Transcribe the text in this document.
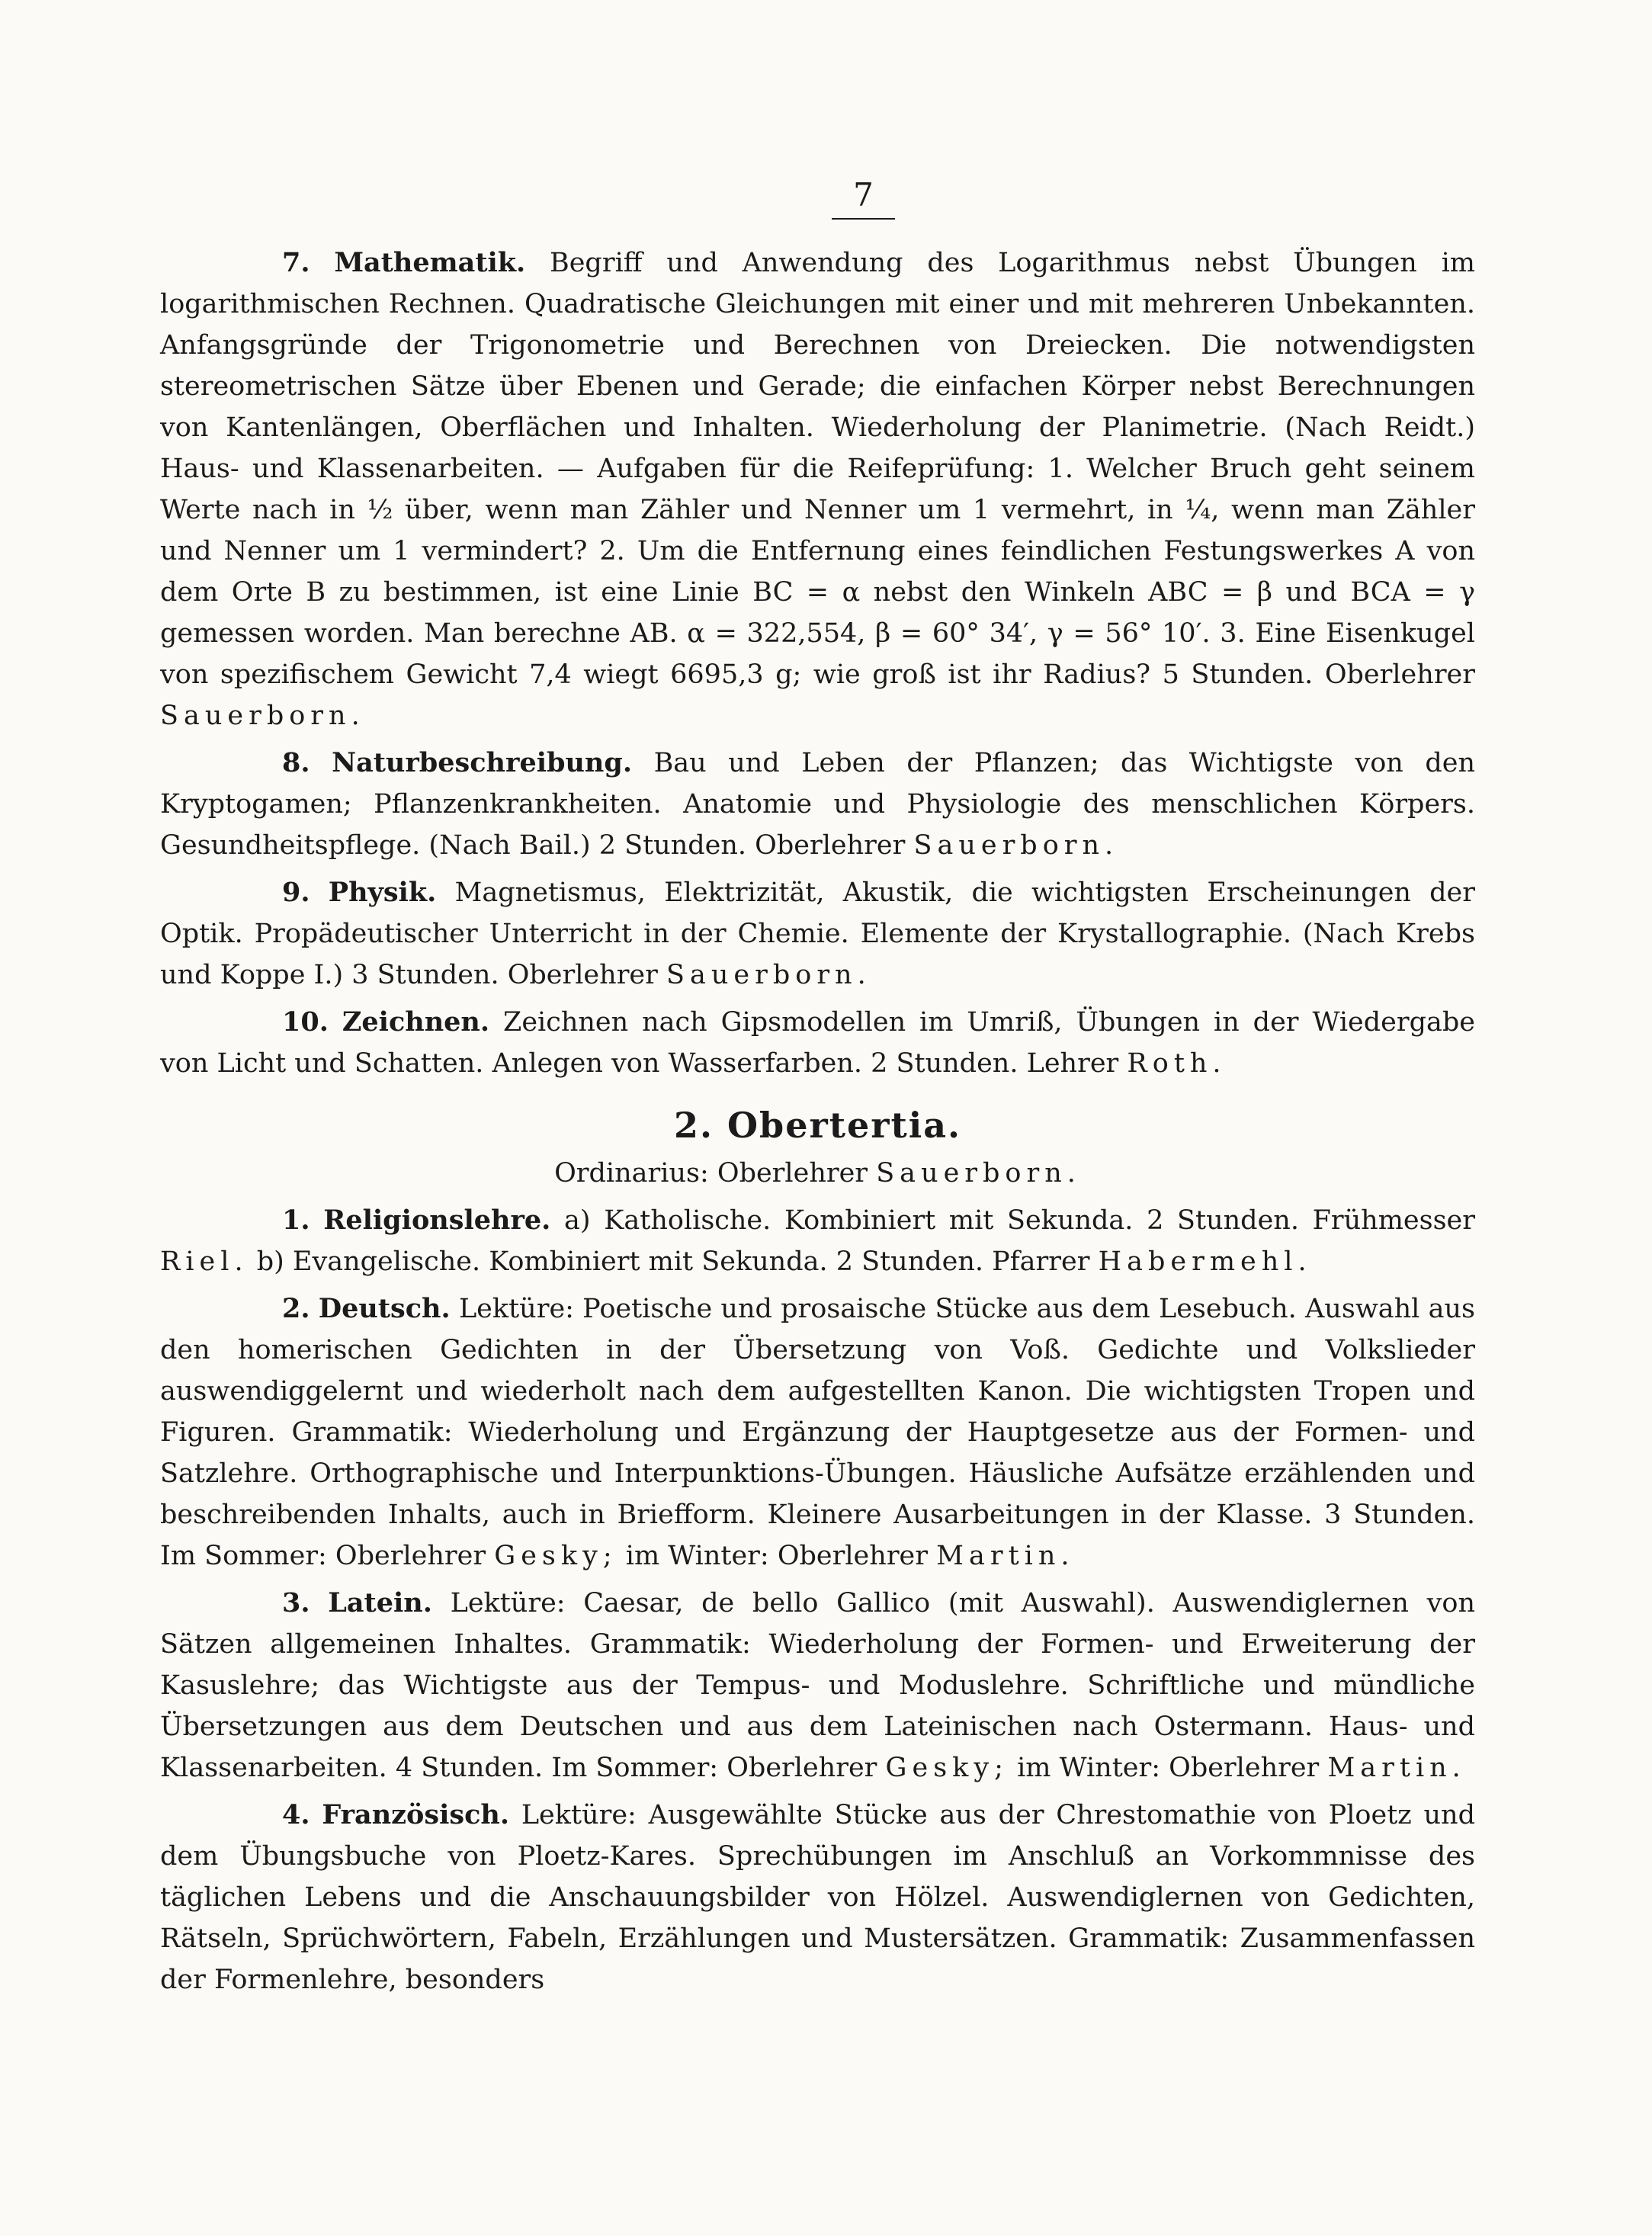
7

7. Mathematik. Begriff und Anwendung des Logarithmus nebst Übungen im logarithmischen Rechnen. Quadratische Gleichungen mit einer und mit mehreren Unbekannten. Anfangsgründe der Trigonometrie und Berechnen von Dreiecken. Die notwendigsten stereometrischen Sätze über Ebenen und Gerade; die einfachen Körper nebst Berechnungen von Kantenlängen, Oberflächen und Inhalten. Wiederholung der Planimetrie. (Nach Reidt.) Haus- und Klassenarbeiten. — Aufgaben für die Reifeprüfung: 1. Welcher Bruch geht seinem Werte nach in ½ über, wenn man Zähler und Nenner um 1 vermehrt, in ¼, wenn man Zähler und Nenner um 1 vermindert? 2. Um die Entfernung eines feindlichen Festungswerkes A von dem Orte B zu bestimmen, ist eine Linie BC = α nebst den Winkeln ABC = β und BCA = γ gemessen worden. Man berechne AB. α = 322,554, β = 60° 34′, γ = 56° 10′. 3. Eine Eisenkugel von spezifischem Gewicht 7,4 wiegt 6695,3 g; wie groß ist ihr Radius? 5 Stunden. Oberlehrer Sauerborn.

8. Naturbeschreibung. Bau und Leben der Pflanzen; das Wichtigste von den Kryptogamen; Pflanzenkrankheiten. Anatomie und Physiologie des menschlichen Körpers. Gesundheitspflege. (Nach Bail.) 2 Stunden. Oberlehrer Sauerborn.

9. Physik. Magnetismus, Elektrizität, Akustik, die wichtigsten Erscheinungen der Optik. Propädeutischer Unterricht in der Chemie. Elemente der Krystallographie. (Nach Krebs und Koppe I.) 3 Stunden. Oberlehrer Sauerborn.

10. Zeichnen. Zeichnen nach Gipsmodellen im Umriß, Übungen in der Wiedergabe von Licht und Schatten. Anlegen von Wasserfarben. 2 Stunden. Lehrer Roth.

2. Obertertia.
Ordinarius: Oberlehrer Sauerborn.

1. Religionslehre. a) Katholische. Kombiniert mit Sekunda. 2 Stunden. Frühmesser Riel. b) Evangelische. Kombiniert mit Sekunda. 2 Stunden. Pfarrer Habermehl.

2. Deutsch. Lektüre: Poetische und prosaische Stücke aus dem Lesebuch. Auswahl aus den homerischen Gedichten in der Übersetzung von Voß. Gedichte und Volkslieder auswendiggelernt und wiederholt nach dem aufgestellten Kanon. Die wichtigsten Tropen und Figuren. Grammatik: Wiederholung und Ergänzung der Hauptgesetze aus der Formen- und Satzlehre. Orthographische und Interpunktions-Übungen. Häusliche Aufsätze erzählenden und beschreibenden Inhalts, auch in Briefform. Kleinere Ausarbeitungen in der Klasse. 3 Stunden. Im Sommer: Oberlehrer Gesky; im Winter: Oberlehrer Martin.

3. Latein. Lektüre: Caesar, de bello Gallico (mit Auswahl). Auswendiglernen von Sätzen allgemeinen Inhaltes. Grammatik: Wiederholung der Formen- und Erweiterung der Kasuslehre; das Wichtigste aus der Tempus- und Moduslehre. Schriftliche und mündliche Übersetzungen aus dem Deutschen und aus dem Lateinischen nach Ostermann. Haus- und Klassenarbeiten. 4 Stunden. Im Sommer: Oberlehrer Gesky; im Winter: Oberlehrer Martin.

4. Französisch. Lektüre: Ausgewählte Stücke aus der Chrestomathie von Ploetz und dem Übungsbuche von Ploetz-Kares. Sprechübungen im Anschluß an Vorkommnisse des täglichen Lebens und die Anschauungsbilder von Hölzel. Auswendiglernen von Gedichten, Rätseln, Sprüchwörtern, Fabeln, Erzählungen und Mustersätzen. Grammatik: Zusammenfassen der Formenlehre, besonders
